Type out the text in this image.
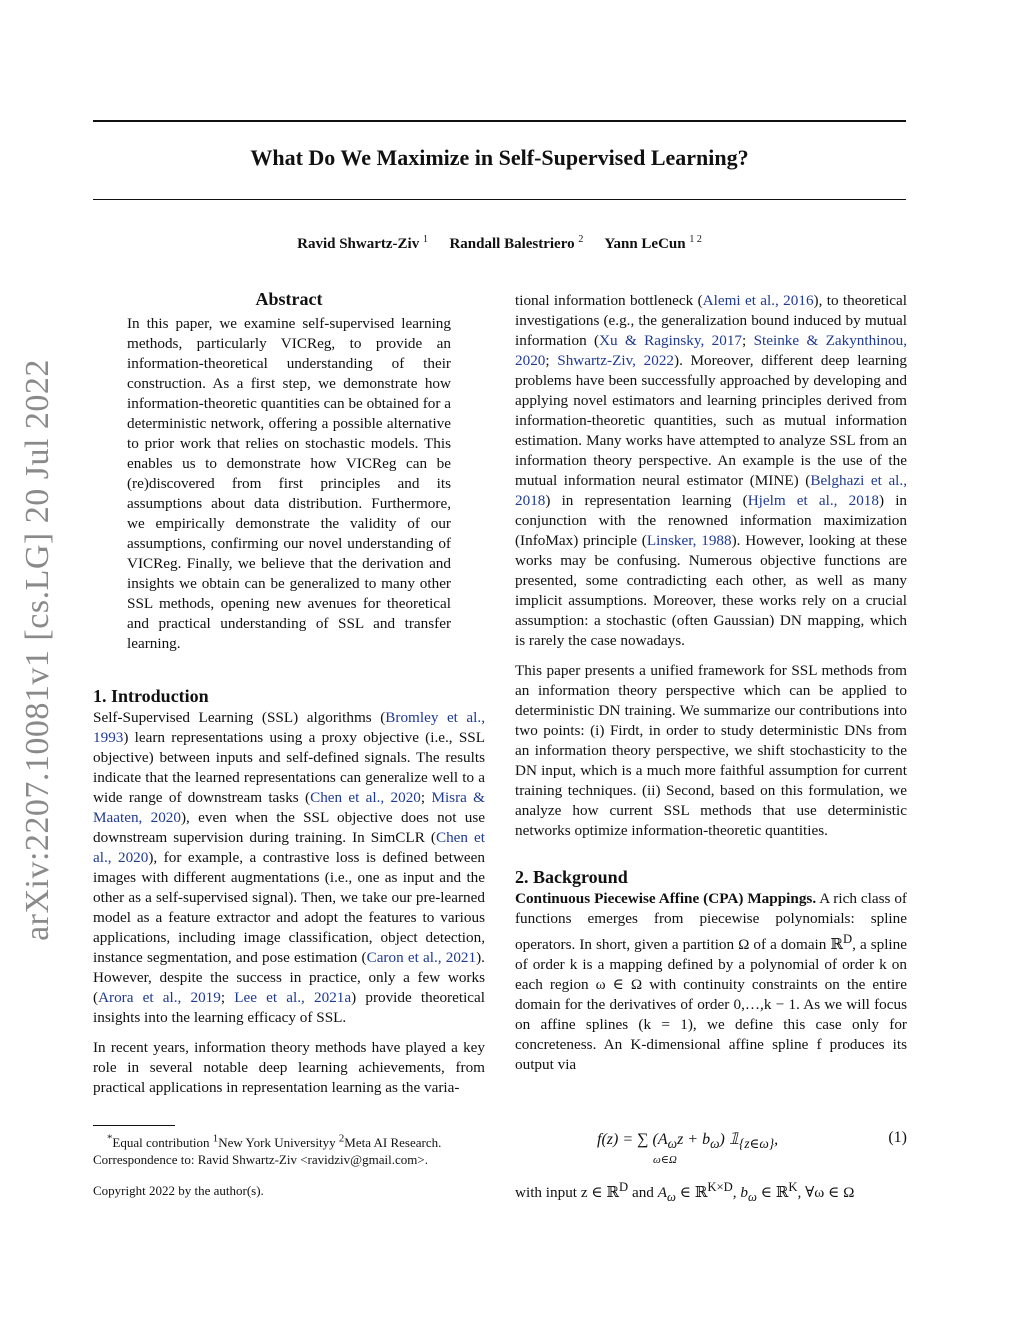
What Do We Maximize in Self-Supervised Learning?
Ravid Shwartz-Ziv $^1$ Randall Balestriero $^2$ Yann LeCun $^{1 2}$
arXiv:2207.10081v1 [cs.LG] 20 Jul 2022
Abstract
In this paper, we examine self-supervised learning methods, particularly VICReg, to provide an information-theoretical understanding of their construction. As a first step, we demonstrate how information-theoretic quantities can be obtained for a deterministic network, offering a possible alternative to prior work that relies on stochastic models. This enables us to demonstrate how VICReg can be (re)discovered from first principles and its assumptions about data distribution. Furthermore, we empirically demonstrate the validity of our assumptions, confirming our novel understanding of VICReg. Finally, we believe that the derivation and insights we obtain can be generalized to many other SSL methods, opening new avenues for theoretical and practical understanding of SSL and transfer learning.
1. Introduction

Self-Supervised Learning (SSL) algorithms (Bromley et al., 1993) learn representations using a proxy objective (i.e., SSL objective) between inputs and self-defined signals. The results indicate that the learned representations can generalize well to a wide range of downstream tasks (Chen et al., 2020; Misra & Maaten, 2020), even when the SSL objective does not use downstream supervision during training. In SimCLR (Chen et al., 2020), for example, a contrastive loss is defined between images with different augmentations (i.e., one as input and the other as a self-supervised signal). Then, we take our pre-learned model as a feature extractor and adopt the features to various applications, including image classification, object detection, instance segmentation, and pose estimation (Caron et al., 2021). However, despite the success in practice, only a few works (Arora et al., 2019; Lee et al., 2021a) provide theoretical insights into the learning efficacy of SSL.

In recent years, information theory methods have played a key role in several notable deep learning achievements, from practical applications in representation learning as the varia-

*Equal contribution $^1$New York Universityy $^2$Meta AI Research.
Correspondence to: Ravid Shwartz-Ziv <ravidziv@gmail.com>.
Copyright 2022 by the author(s).

tional information bottleneck (Alemi et al., 2016), to theoretical investigations (e.g., the generalization bound induced by mutual information (Xu & Raginsky, 2017; Steinke & Zakynthinou, 2020; Shwartz-Ziv, 2022). Moreover, different deep learning problems have been successfully approached by developing and applying novel estimators and learning principles derived from information-theoretic quantities, such as mutual information estimation. Many works have attempted to analyze SSL from an information theory perspective. An example is the use of the mutual information neural estimator (MINE) (Belghazi et al., 2018) in representation learning (Hjelm et al., 2018) in conjunction with the renowned information maximization (InfoMax) principle (Linsker, 1988). However, looking at these works may be confusing. Numerous objective functions are presented, some contradicting each other, as well as many implicit assumptions. Moreover, these works rely on a crucial assumption: a stochastic (often Gaussian) DN mapping, which is rarely the case nowadays.

This paper presents a unified framework for SSL methods from an information theory perspective which can be applied to deterministic DN training. We summarize our contributions into two points: (i) Firdt, in order to study deterministic DNs from an information theory perspective, we shift stochasticity to the DN input, which is a much more faithful assumption for current training techniques. (ii) Second, based on this formulation, we analyze how current SSL methods that use deterministic networks optimize information-theoretic quantities.

2. Background

Continuous Piecewise Affine (CPA) Mappings. A rich class of functions emerges from piecewise polynomials: spline operators. In short, given a partition Ω of a domain ℝ$^D$, a spline of order k is a mapping defined by a polynomial of order k on each region ω ∈ Ω with continuity constraints on the entire domain for the derivatives of order 0,…,k − 1. As we will focus on affine splines (k = 1), we define this case only for concreteness. An K-dimensional affine spline f produces its output via

f(z) = ∑ $(A_\omega z + b_\omega)$ $𝟙_{\{z\in\omega\}}$,
ω∈Ω
(1)
with input z ∈ ℝ$^D$ and $A_\omega$ ∈ ℝ$^{K\times D}$, $b_\omega$ ∈ ℝ$^K$, ∀ω ∈ Ω
